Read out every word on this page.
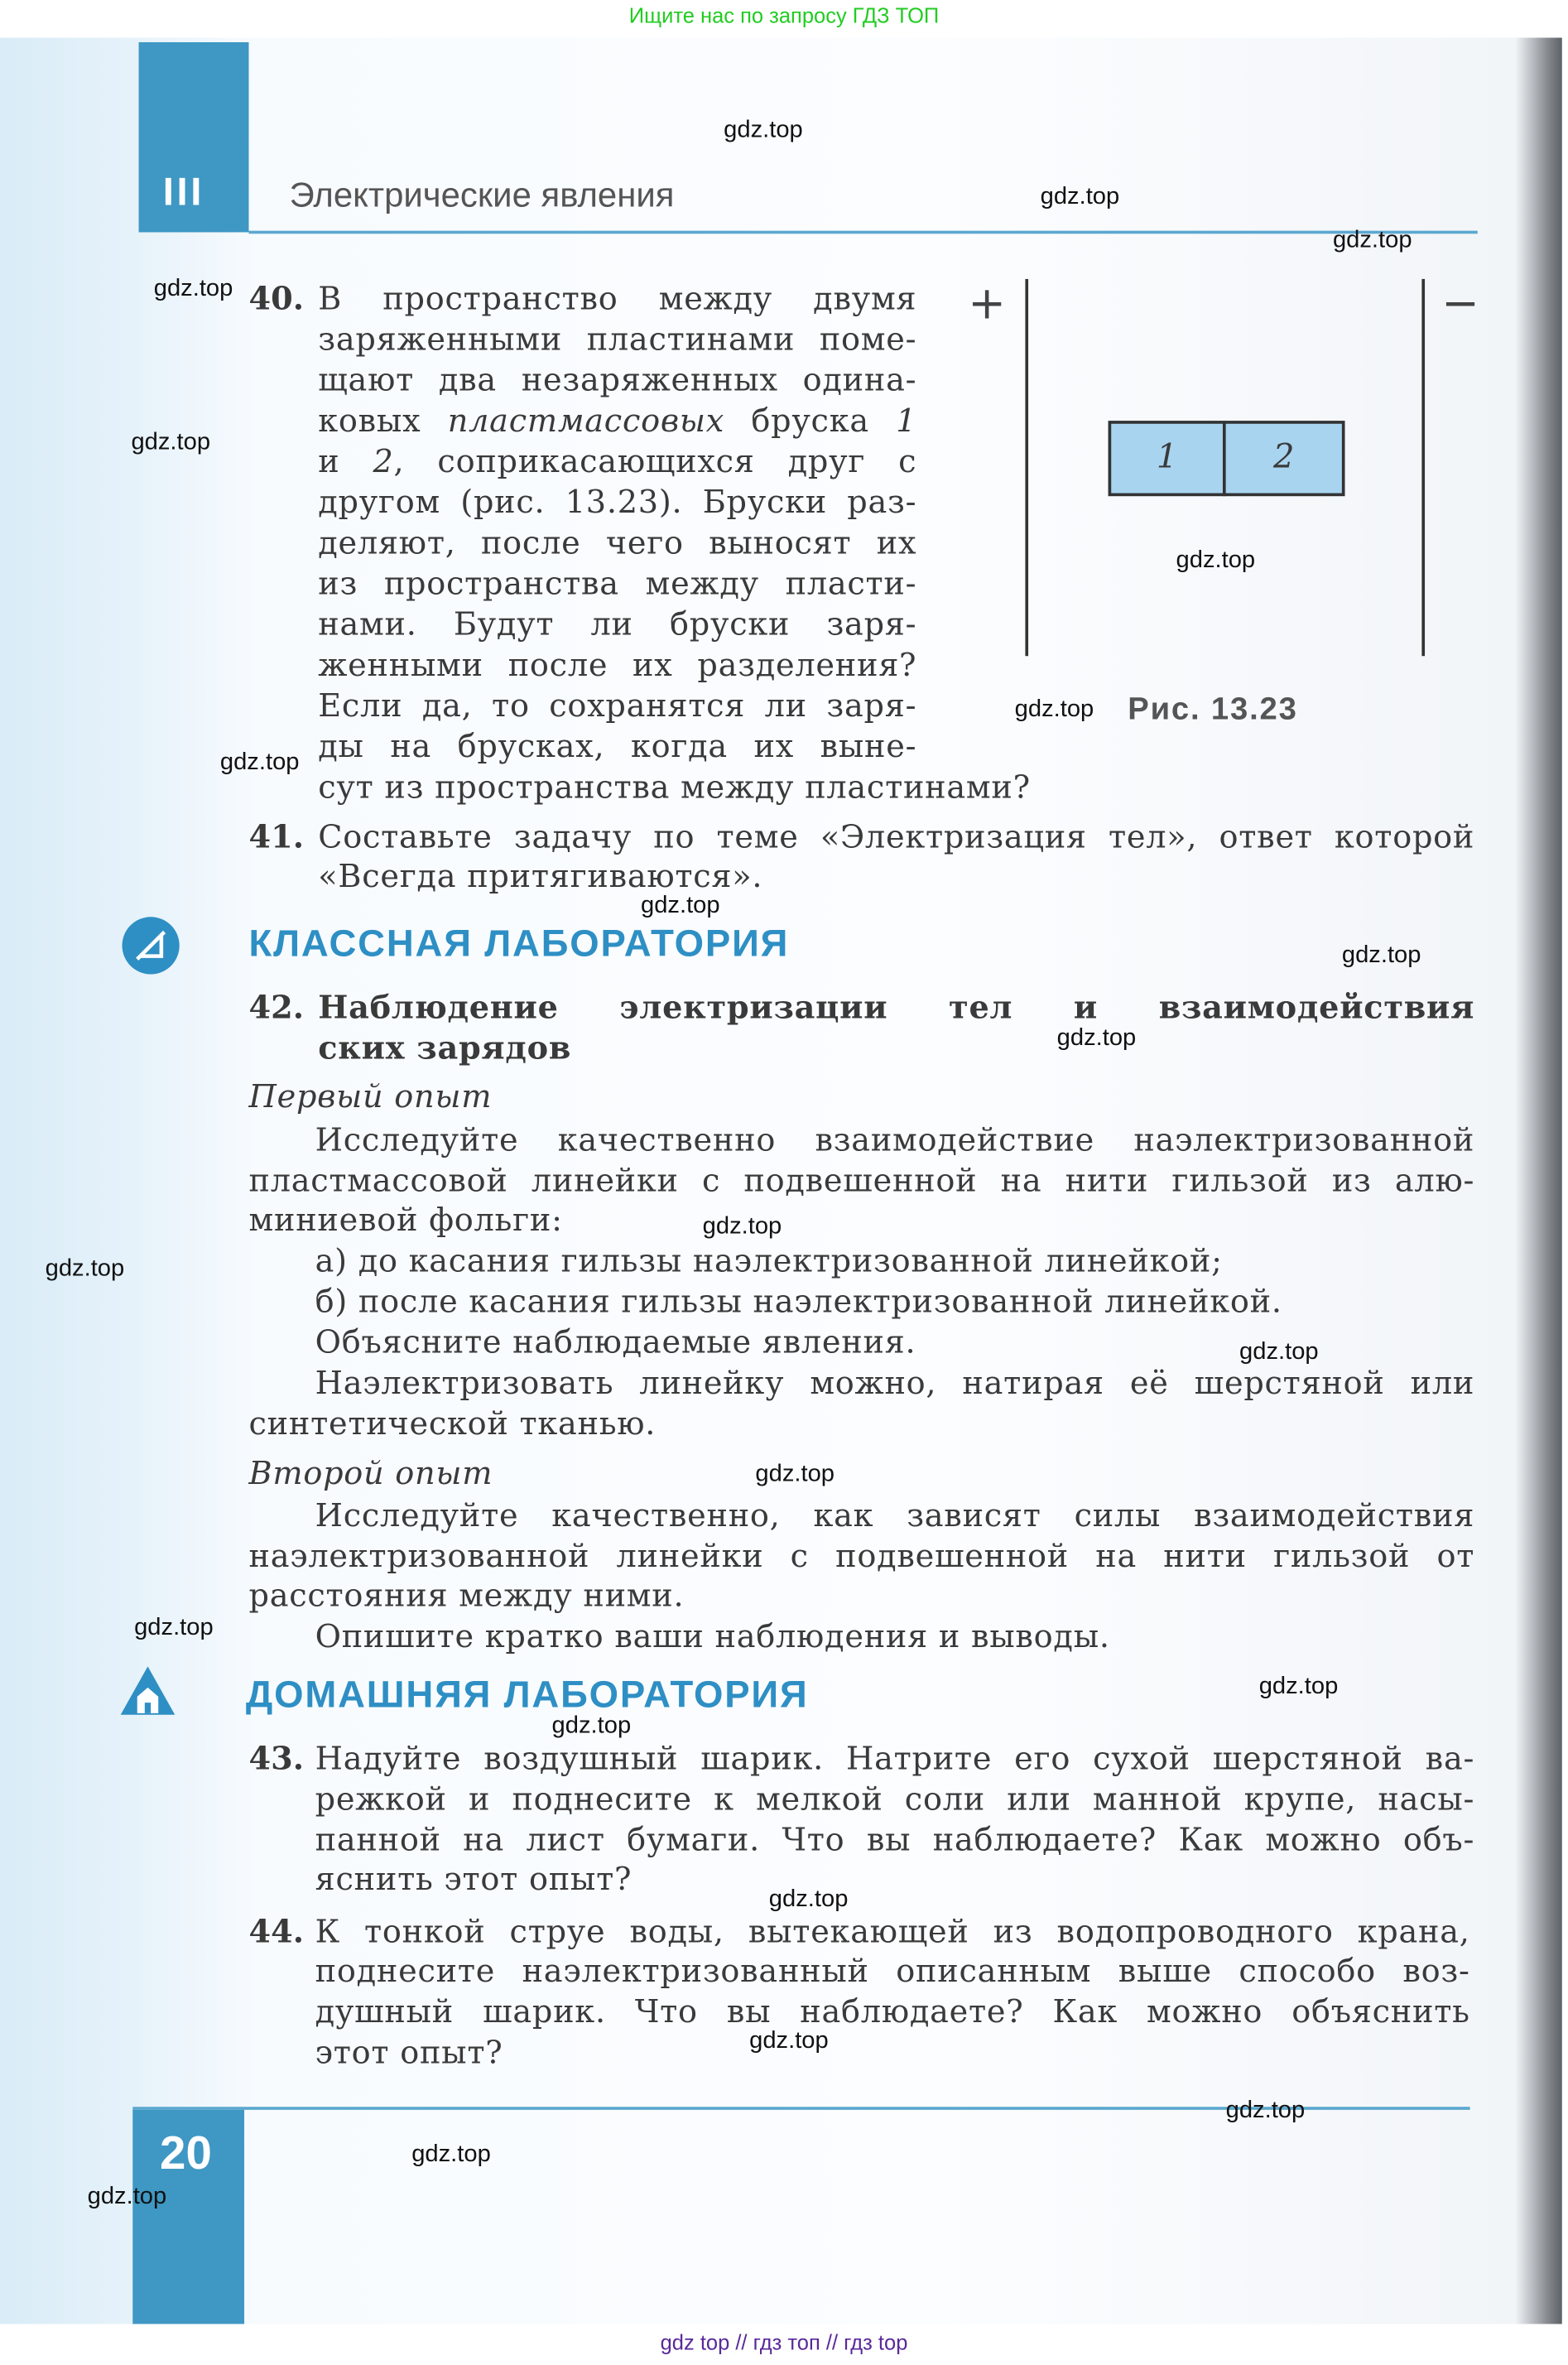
Ищите нас по запросу ГДЗ ТОП
III	Электрические явления
+	−
1	2
Рис. 13.23
КЛАССНАЯ ЛАБОРАТОРИЯ
ДОМАШНЯЯ ЛАБОРАТОРИЯ
40. В пространство между двумя
заряженными пластинами поме-
щают два незаряженных одина-
ковых пластмассовых бруска 1
и 2, соприкасающихся друг с
другом (рис. 13.23). Бруски раз-
деляют, после чего выносят их
из пространства между пласти-
нами. Будут ли бруски заря-
женными после их разделения?
Если да, то сохранятся ли заря-
ды на брусках, когда их выне-
сут из пространства между пластинами?
41. Составьте задачу по теме «Электризация тел», ответ которой
«Всегда притягиваются».
42. Наблюдение электризации тел и взаимодействия
ских зарядов
Первый опыт
Исследуйте качественно взаимодействие наэлектризованной
пластмассовой линейки с подвешенной на нити гильзой из алю-
миниевой фольги:
а) до касания гильзы наэлектризованной линейкой;
б) после касания гильзы наэлектризованной линейкой.
Объясните наблюдаемые явления.
Наэлектризовать линейку можно, натирая её шерстяной или
синтетической тканью.
Второй опыт
Исследуйте качественно, как зависят силы взаимодействия
наэлектризованной линейки с подвешенной на нити гильзой от
расстояния между ними.
Опишите кратко ваши наблюдения и выводы.
43. Надуйте воздушный шарик. Натрите его сухой шерстяной ва-
режкой и поднесите к мелкой соли или манной крупе, насы-
панной на лист бумаги. Что вы наблюдаете? Как можно объ-
яснить этот опыт?
44. К тонкой струе воды, вытекающей из водопроводного крана,
поднесите наэлектризованный описанным выше способо воз-
душный шарик. Что вы наблюдаете? Как можно объяснить
этот опыт?
20
gdz.top
gdz.top
gdz.top
gdz.top
gdz.top
gdz.top
gdz.top
gdz.top
gdz.top
gdz.top
gdz.top
gdz.top
gdz.top
gdz.top
gdz.top
gdz.top
gdz.top
gdz.top
gdz.top
gdz.top
gdz.top
gdz.top
gdz.top
gdz top // гдз топ // гдз top
